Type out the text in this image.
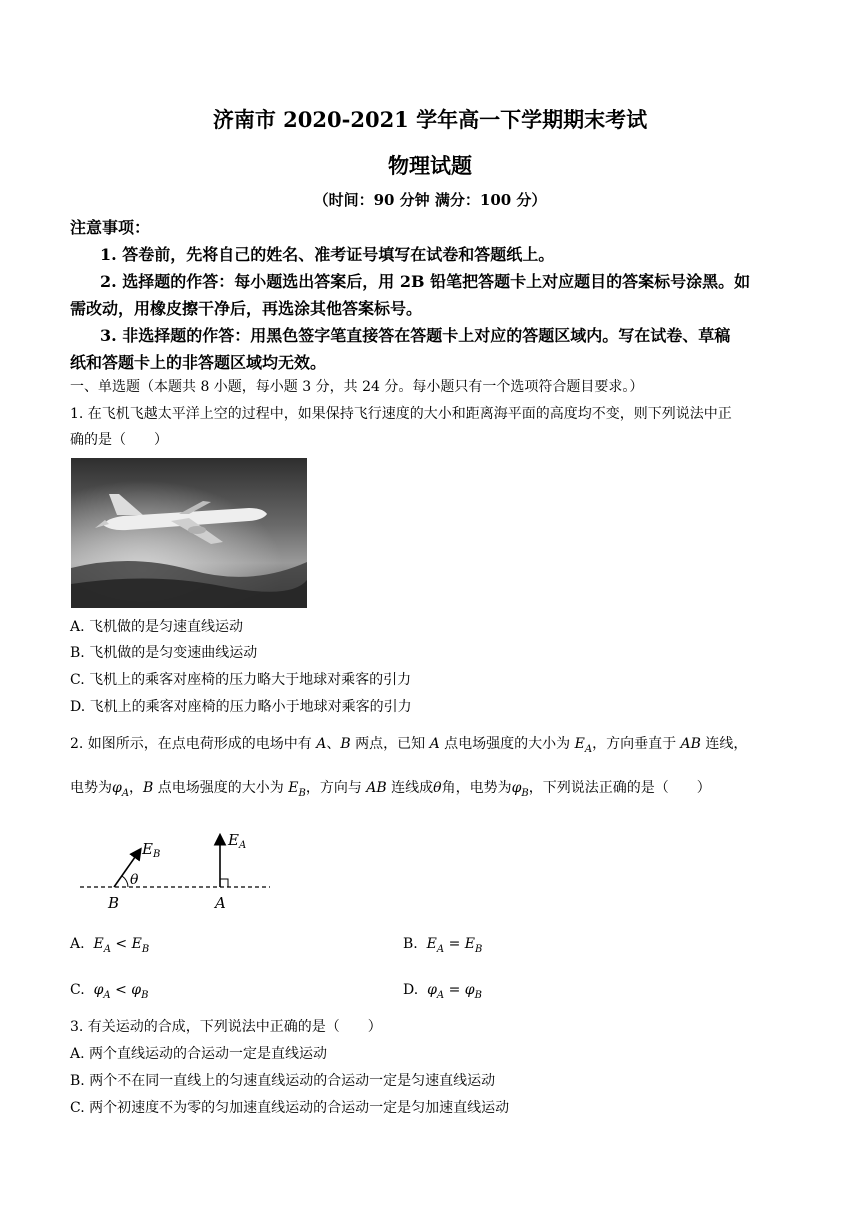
济南市 2020-2021 学年高一下学期期末考试
物理试题
（时间：90 分钟 满分：100 分）
注意事项：
1. 答卷前，先将自己的姓名、准考证号填写在试卷和答题纸上。
2. 选择题的作答：每小题选出答案后，用 2B 铅笔把答题卡上对应题目的答案标号涂黑。如
需改动，用橡皮擦干净后，再选涂其他答案标号。
3. 非选择题的作答：用黑色签字笔直接答在答题卡上对应的答题区域内。写在试卷、草稿
纸和答题卡上的非答题区域均无效。
一、单选题（本题共 8 小题，每小题 3 分，共 24 分。每小题只有一个选项符合题目要求。）
1. 在飞机飞越太平洋上空的过程中，如果保持飞行速度的大小和距离海平面的高度均不变，则下列说法中正
确的是（　　）
A. 飞机做的是匀速直线运动
B. 飞机做的是匀变速曲线运动
C. 飞机上的乘客对座椅的压力略大于地球对乘客的引力
D. 飞机上的乘客对座椅的压力略小于地球对乘客的引力
2. 如图所示，在点电荷形成的电场中有 A、B 两点，已知 A 点电场强度的大小为 $E_A$，方向垂直于 AB 连线，
电势为$\varphi_A$，B 点电场强度的大小为 $E_B$，方向与 AB 连线成θ角，电势为$\varphi_B$，下列说法正确的是（　　）
$E_B$
$E_A$
θ
B	A
A. $E_A < E_B$	B. $E_A = E_B$
C. $\varphi_A < \varphi_B$	D. $\varphi_A = \varphi_B$
3. 有关运动的合成，下列说法中正确的是（　　）
A. 两个直线运动的合运动一定是直线运动
B. 两个不在同一直线上的匀速直线运动的合运动一定是匀速直线运动
C. 两个初速度不为零的匀加速直线运动的合运动一定是匀加速直线运动
